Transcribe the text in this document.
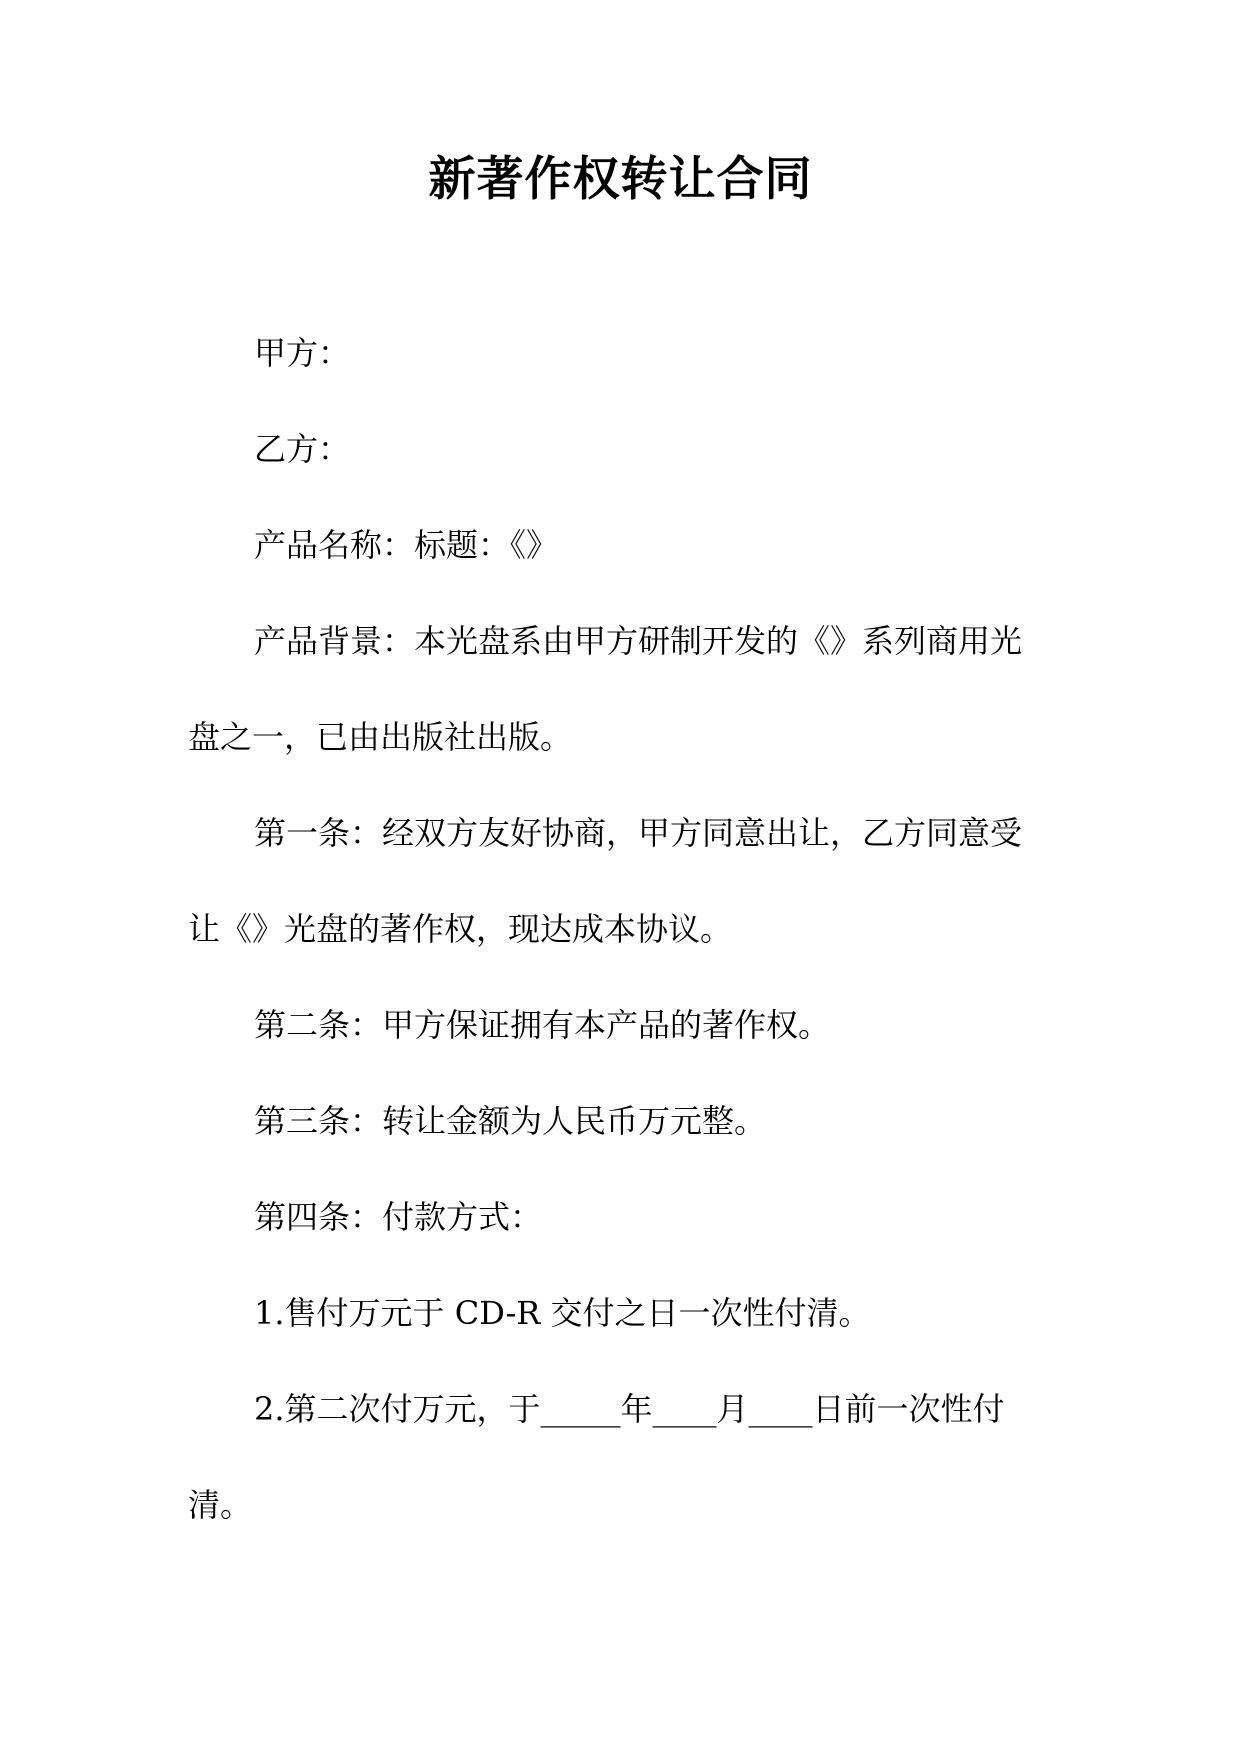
新著作权转让合同

甲方：

乙方：

产品名称：标题：《》

产品背景：本光盘系由甲方研制开发的《》系列商用光盘之一，已由出版社出版。

第一条：经双方友好协商，甲方同意出让，乙方同意受让《》光盘的著作权，现达成本协议。

第二条：甲方保证拥有本产品的著作权。

第三条：转让金额为人民币万元整。

第四条：付款方式：

1.售付万元于 CD-R 交付之日一次性付清。

2.第二次付万元，于_____年____月____日前一次性付清。
